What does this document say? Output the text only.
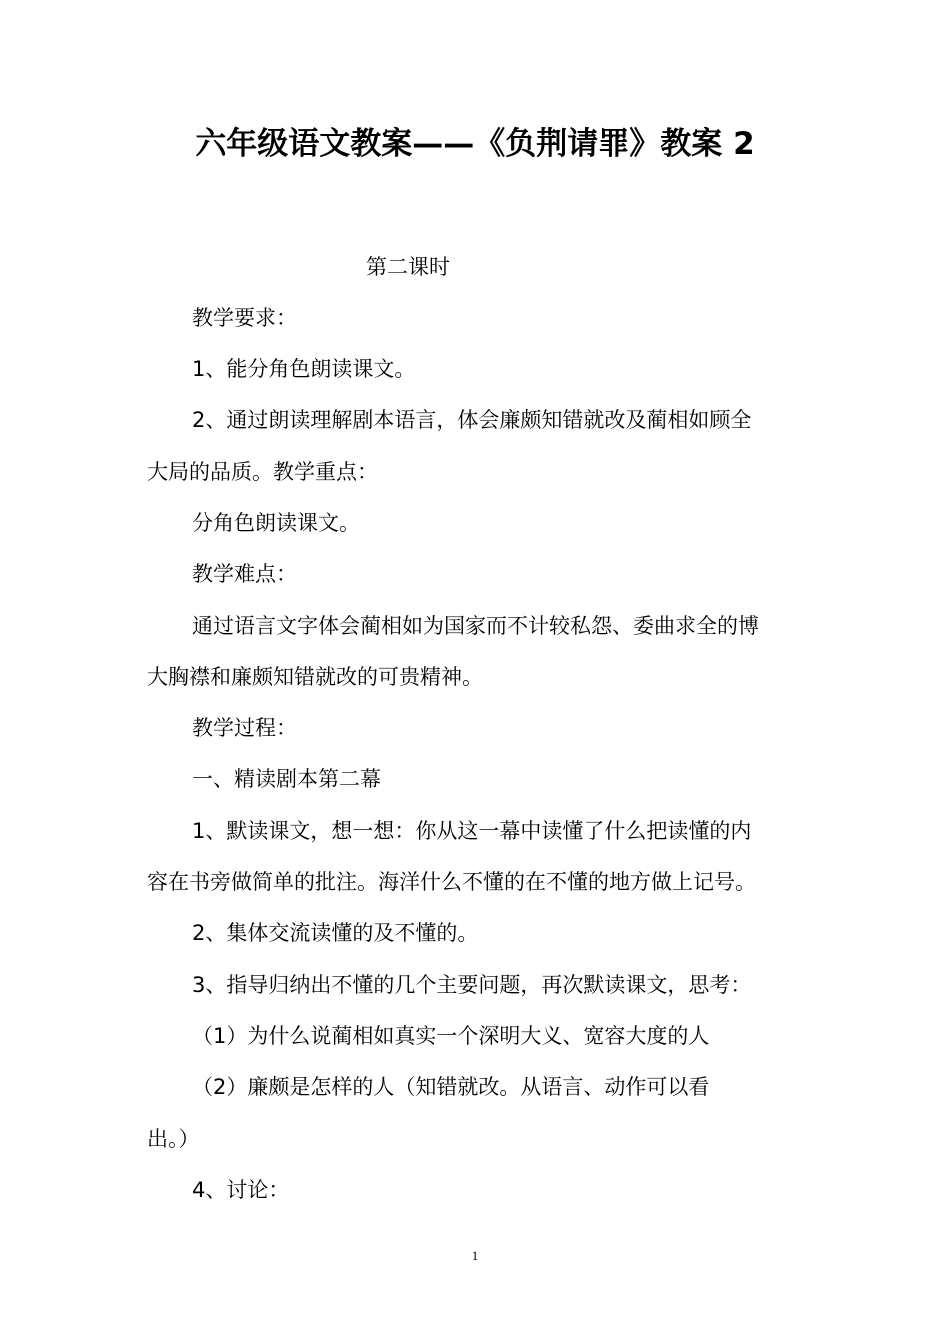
六年级语文教案——《负荆请罪》教案 2
第二课时
教学要求：
1、能分角色朗读课文。
2、通过朗读理解剧本语言，体会廉颇知错就改及蔺相如顾全
大局的品质。教学重点：
分角色朗读课文。
教学难点：
通过语言文字体会蔺相如为国家而不计较私怨、委曲求全的博
大胸襟和廉颇知错就改的可贵精神。
教学过程：
一、精读剧本第二幕
1、默读课文，想一想：你从这一幕中读懂了什么把读懂的内
容在书旁做简单的批注。海洋什么不懂的在不懂的地方做上记号。
2、集体交流读懂的及不懂的。
3、指导归纳出不懂的几个主要问题，再次默读课文，思考：
（1）为什么说蔺相如真实一个深明大义、宽容大度的人
（2）廉颇是怎样的人（知错就改。从语言、动作可以看
出。）
4、讨论：
1
